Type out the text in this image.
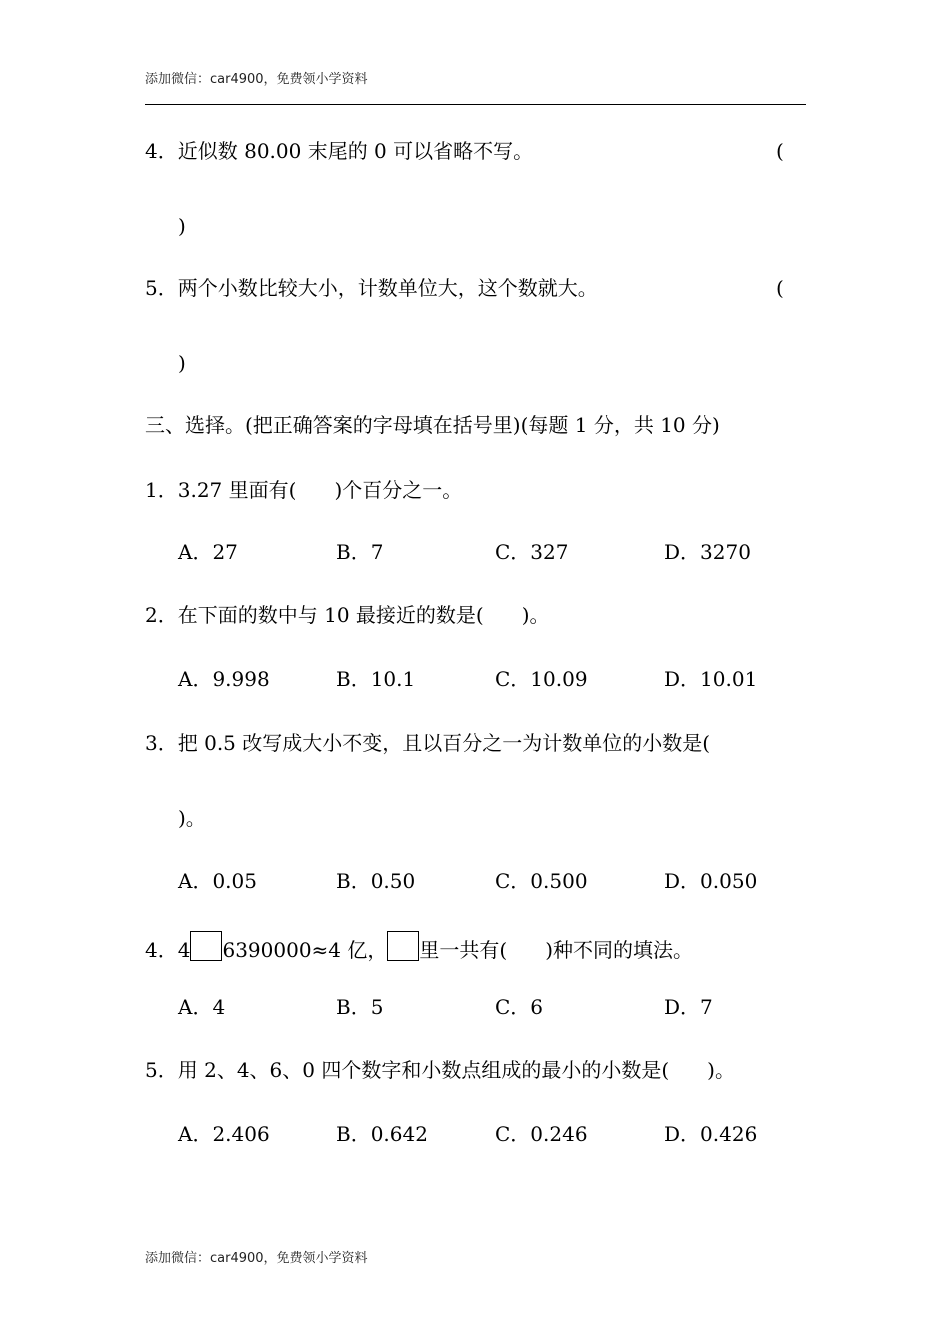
添加微信：car4900，免费领小学资料
4．近似数 80.00 末尾的 0 可以省略不写。	(
)
5．两个小数比较大小，计数单位大，这个数就大。	(
)
三、选择。(把正确答案的字母填在括号里)(每题 1 分，共 10 分)
1．3.27 里面有( )个百分之一。
A．27	B．7	C．327	D．3270
2．在下面的数中与 10 最接近的数是( )。
A．9.998	B．10.1	C．10.09	D．10.01
3．把 0.5 改写成大小不变，且以百分之一为计数单位的小数是(
)。
A．0.05	B．0.50	C．0.500	D．0.050
4．4 6390000≈4 亿， 里一共有( )种不同的填法。
A．4	B．5	C．6	D．7
5．用 2、4、6、0 四个数字和小数点组成的最小的小数是( )。
A．2.406	B．0.642	C．0.246	D．0.426
添加微信：car4900，免费领小学资料
